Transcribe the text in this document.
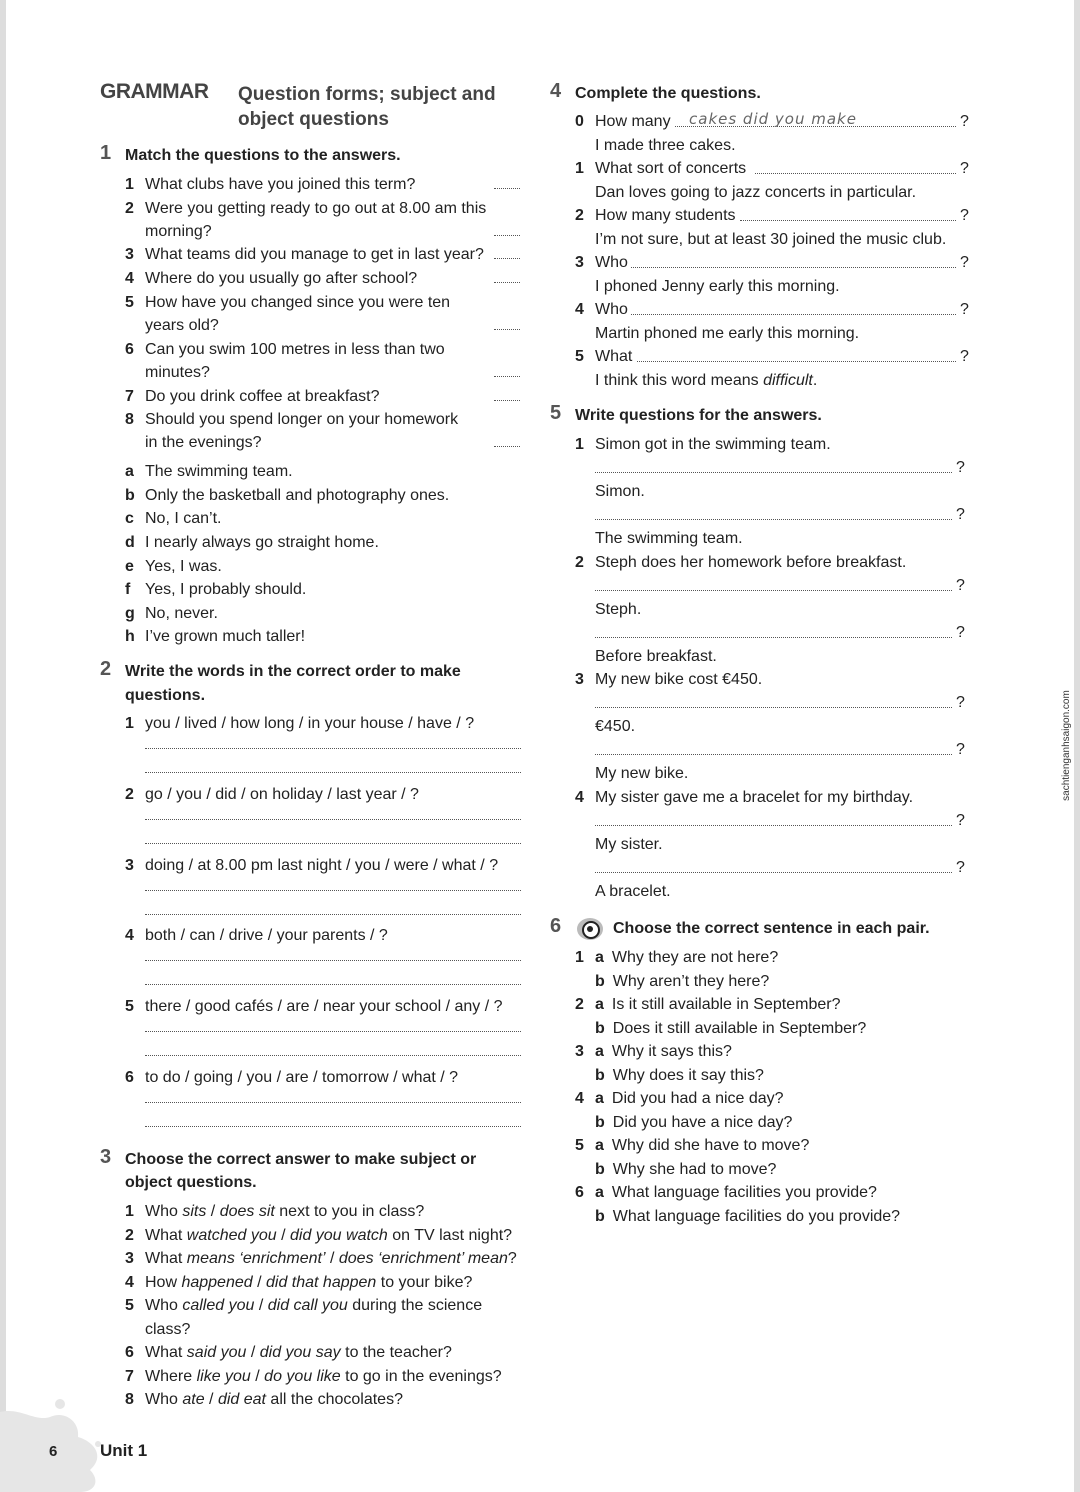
GRAMMAR Question forms; subject and
object questions
1 Match the questions to the answers.
1 What clubs have you joined this term?
2 Were you getting ready to go out at 8.00 am this
morning?
3 What teams did you manage to get in last year?
4 Where do you usually go after school?
5 How have you changed since you were ten
years old?
6 Can you swim 100 metres in less than two
minutes?
7 Do you drink coffee at breakfast?
8 Should you spend longer on your homework
in the evenings?
a The swimming team.
b Only the basketball and photography ones.
c No, I can’t.
d I nearly always go straight home.
e Yes, I was.
f Yes, I probably should.
g No, never.
h I’ve grown much taller!
2 Write the words in the correct order to make
questions.
1 you / lived / how long / in your house / have / ?
2 go / you / did / on holiday / last year / ?
3 doing / at 8.00 pm last night / you / were / what / ?
4 both / can / drive / your parents / ?
5 there / good cafés / are / near your school / any / ?
6 to do / going / you / are / tomorrow / what / ?
3 Choose the correct answer to make subject or
object questions.
1 Who sits / does sit next to you in class?
2 What watched you / did you watch on TV last night?
3 What means ‘enrichment’ / does ‘enrichment’ mean?
4 How happened / did that happen to your bike?
5 Who called you / did call you during the science
class?
6 What said you / did you say to the teacher?
7 Where like you / do you like to go in the evenings?
8 Who ate / did eat all the chocolates?
4 Complete the questions.
0 How many cakes did you make	?
I made three cakes.
1 What sort of concerts	?
Dan loves going to jazz concerts in particular.
2 How many students	?
I’m not sure, but at least 30 joined the music club.
3 Who	?
I phoned Jenny early this morning.
4 Who	?
Martin phoned me early this morning.
5 What	?
I think this word means difficult.
5 Write questions for the answers.
1 Simon got in the swimming team.
?
Simon.
?
The swimming team.
2 Steph does her homework before breakfast.
?
Steph.
?
Before breakfast.
3 My new bike cost €450.
?
€450.
?
My new bike.
4 My sister gave me a bracelet for my birthday.
?
My sister.
?
A bracelet.
6	Choose the correct sentence in each pair.
1 a Why they are not here?
b Why aren’t they here?
2 a Is it still available in September?
b Does it still available in September?
3 a Why it says this?
b Why does it say this?
4 a Did you had a nice day?
b Did you have a nice day?
5 a Why did she have to move?
b Why she had to move?
6 a What language facilities you provide?
b What language facilities do you provide?
sachtienganhsaigon.com
6	Unit 1
